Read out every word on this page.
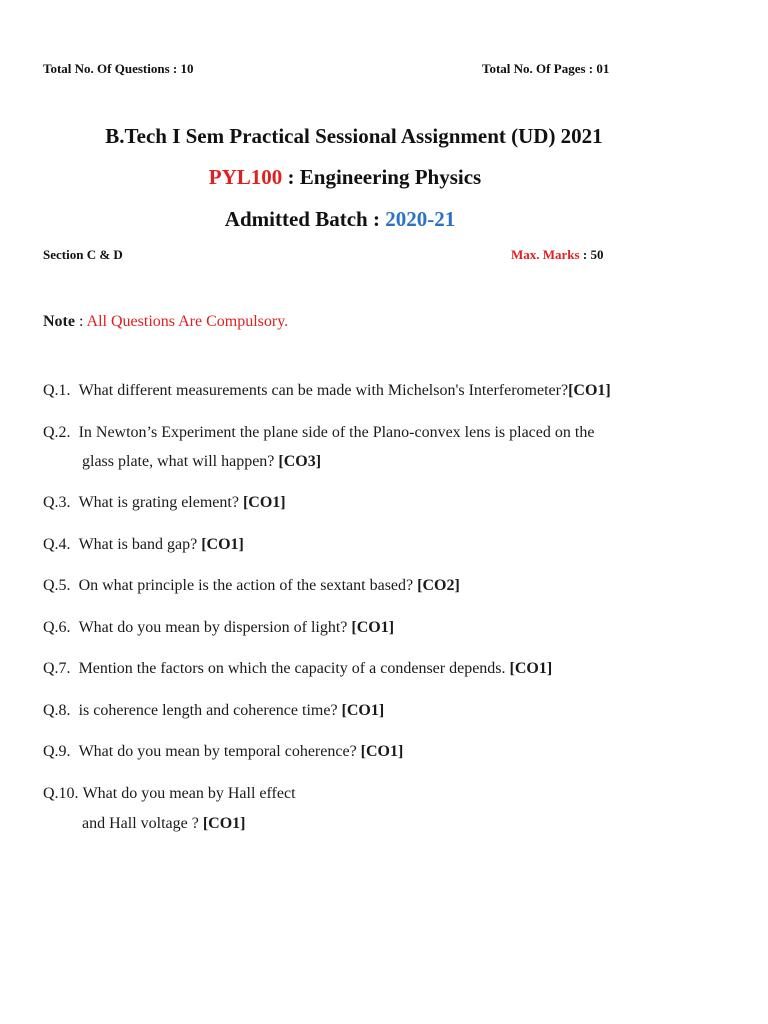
Total No. Of Questions : 10	Total No. Of Pages : 01
B.Tech I Sem Practical Sessional Assignment (UD) 2021
PYL100 : Engineering Physics
Admitted Batch : 2020-21
Section C & D	Max. Marks : 50
Note : All Questions Are Compulsory.
Q.1. What different measurements can be made with Michelson's Interferometer?[CO1]
Q.2. In Newton’s Experiment the plane side of the Plano-convex lens is placed on the
glass plate, what will happen? [CO3]
Q.3. What is grating element? [CO1]
Q.4. What is band gap? [CO1]
Q.5. On what principle is the action of the sextant based? [CO2]
Q.6. What do you mean by dispersion of light? [CO1]
Q.7. Mention the factors on which the capacity of a condenser depends. [CO1]
Q.8. is coherence length and coherence time? [CO1]
Q.9. What do you mean by temporal coherence? [CO1]
Q.10. What do you mean by Hall effect
and Hall voltage ? [CO1]
